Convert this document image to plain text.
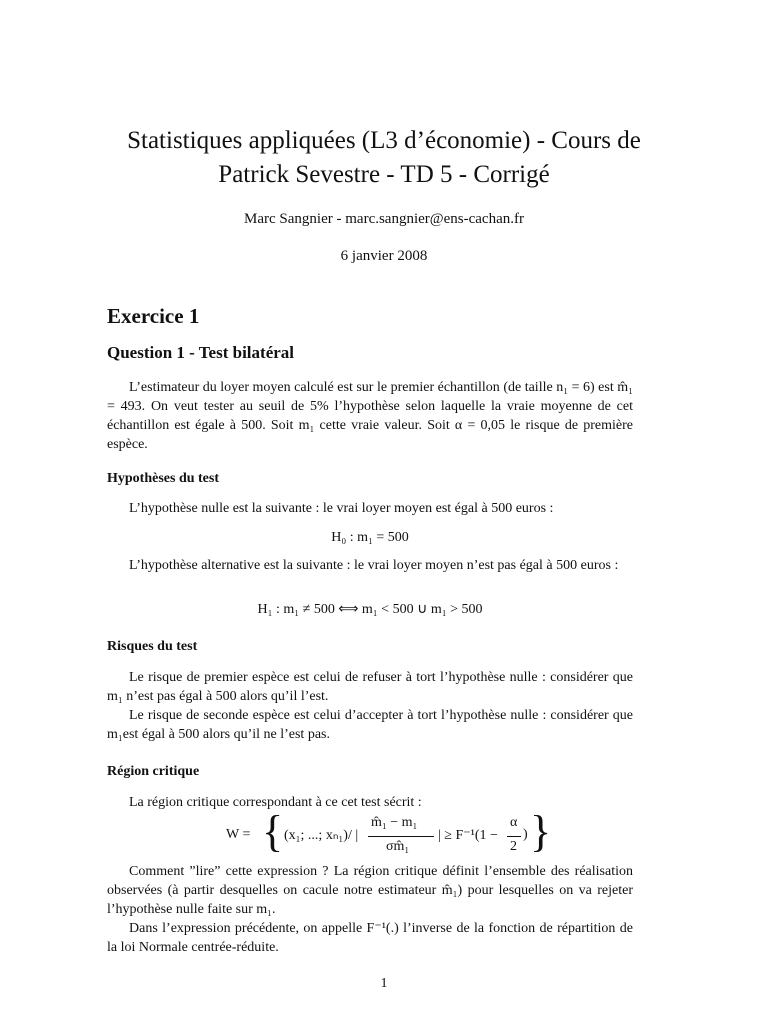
Statistiques appliquées (L3 d’économie) - Cours de
Patrick Sevestre - TD 5 - Corrigé
Marc Sangnier - marc.sangnier@ens-cachan.fr
6 janvier 2008
Exercice 1
Question 1 - Test bilatéral

L’estimateur du loyer moyen calculé est sur le premier échantillon (de taille n₁ = 6) est m̂₁ = 493. On veut tester au seuil de 5% l’hypothèse selon laquelle la vraie moyenne de cet échantillon est égale à 500. Soit m₁ cette vraie valeur. Soit α = 0,05 le risque de première espèce.

Hypothèses du test

L’hypothèse nulle est la suivante : le vrai loyer moyen est égal à 500 euros :

H₀ : m₁ = 500

L’hypothèse alternative est la suivante : le vrai loyer moyen n’est pas égal à 500 euros :

H₁ : m₁ ≠ 500 ⟺ m₁ < 500 ∪ m₁ > 500
Risques du test

Le risque de premier espèce est celui de refuser à tort l’hypothèse nulle : considérer que m₁ n’est pas égal à 500 alors qu’il l’est.

Le risque de seconde espèce est celui d’accepter à tort l’hypothèse nulle : considérer que m₁est égal à 500 alors qu’il ne l’est pas.

Région critique

La région critique correspondant à ce cet test sécrit :

W = { (x₁; ...; xₙ₁)/ |
m̂₁ − m₁
σm̂₁
| ≥ F⁻¹(1 −
α
2
) }

Comment ”lire” cette expression ? La région critique définit l’ensemble des réalisation observées (à partir desquelles on cacule notre estimateur m̂₁) pour lesquelles on va rejeter l’hypothèse nulle faite sur m₁.

Dans l’expression précédente, on appelle F⁻¹(.) l’inverse de la fonction de répartition de la loi Normale centrée-réduite.

1
